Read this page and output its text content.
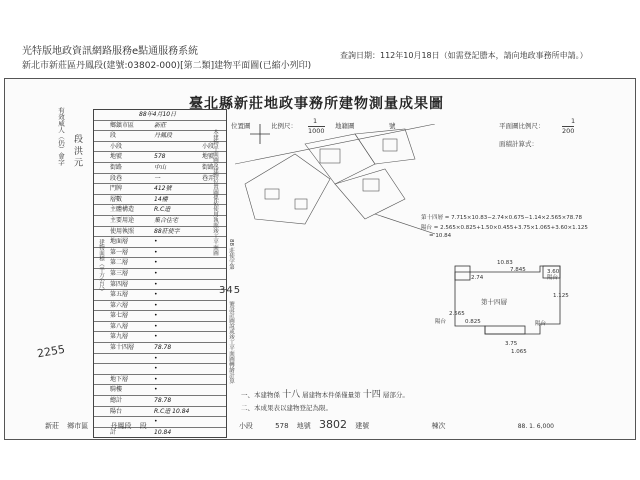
光特版地政資訊網路服務e點通服務系統
新北市新莊區丹鳳段(建號:03802-000)[第二類]建物平面圖(已縮小列印)
查詢日期：112年10月18日（如需登記謄本，請向地政事務所申請。）
臺北縣新莊地政事務所建物測量成果圖
有效威人（仍）會字 段 洪 元
2255
88年4月10日
鄉鎮市區	新莊
段	丹鳳段
小段	小段
地號	578	地號
街路	中山	街路
段巷	一	巷弄
門牌	412號
層數	14樓
主體構造	R.C造
主要用途	集合住宅
使用執照	88莊使字
地面層	•
第一層	•
第二層	•
第三層	•
第四層	•
第五層	•
第六層	•
第七層	•
第八層	•
第九層	•
第十四層	78.78
•
•
地下層	•
騎樓	•
總計	78.78
陽台	R.C造 10.84
•
計	10.84
建物面積（平方公尺）
本建物平面圖及建物位置圖係依使用執照竣工平面圖 88 莊使字第
345
號設計圖說或竣工平面圖轉繪計算
位置圖	比例尺：
1
1000
地籍圖	號	平面圖比例尺：
1
200
面積計算式：
第十四層 = 7.715×10.83−2.74×0.675−1.14×2.565×78.78
陽台 = 2.565×0.825+1.50×0.455+3.75×1.065+3.60×1.125
= 10.84
10.83
2.74
7.845
3.75
3.60
1.125
2.565
0.825
1.065
第十四層
陽台
陽台	陽台
一、本建物係 十八 層建物本件係僅量第 十四 層部分。
二、本成果表以建物登記為限。
新莊 鄉市區	丹鳳段 段	小段	578 地號 3802 建號	棟次	88. 1. 6,000
